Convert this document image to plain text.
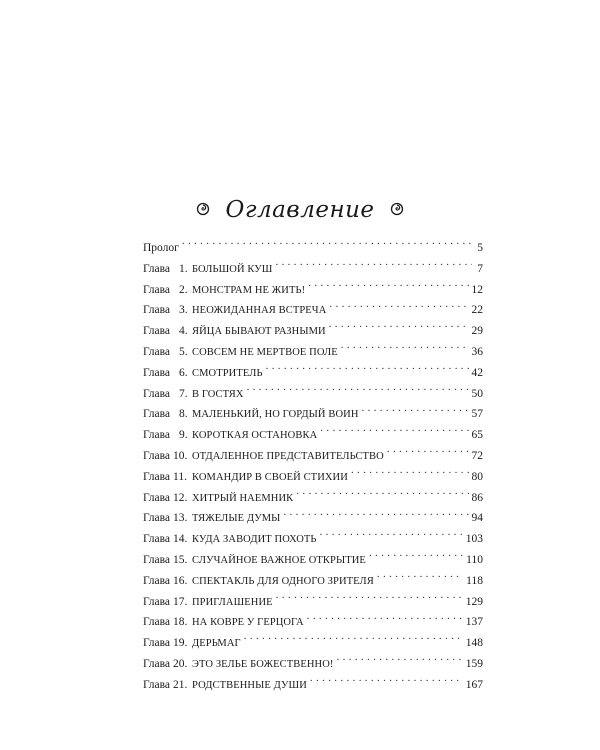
Оглавление
Пролог . . .	5
Глава 1. БОЛЬШОЙ КУШ . . .	7
Глава 2. МОНСТРАМ НЕ ЖИТЬ! . . .	12
Глава 3. НЕОЖИДАННАЯ ВСТРЕЧА . . .	22
Глава 4. ЯЙЦА БЫВАЮТ РАЗНЫМИ . . .	29
Глава 5. СОВСЕМ НЕ МЕРТВОЕ ПОЛЕ . . .	36
Глава 6. СМОТРИТЕЛЬ . . .	42
Глава 7. В ГОСТЯХ . . .	50
Глава 8. МАЛЕНЬКИЙ, НО ГОРДЫЙ ВОИН . . .	57
Глава 9. КОРОТКАЯ ОСТАНОВКА . . .	65
Глава 10. ОТДАЛЕННОЕ ПРЕДСТАВИТЕЛЬСТВО . . .	72
Глава 11. КОМАНДИР В СВОЕЙ СТИХИИ . . .	80
Глава 12. ХИТРЫЙ НАЕМНИК . . .	86
Глава 13. ТЯЖЕЛЫЕ ДУМЫ . . .	94
Глава 14. КУДА ЗАВОДИТ ПОХОТЬ . . .	103
Глава 15. СЛУЧАЙНОЕ ВАЖНОЕ ОТКРЫТИЕ . . .	110
Глава 16. СПЕКТАКЛЬ ДЛЯ ОДНОГО ЗРИТЕЛЯ . . .	118
Глава 17. ПРИГЛАШЕНИЕ . . .	129
Глава 18. НА КОВРЕ У ГЕРЦОГА . . .	137
Глава 19. ДЕРЬМАГ . . .	148
Глава 20. ЭТО ЗЕЛЬЕ БОЖЕСТВЕННО! . . .	159
Глава 21. РОДСТВЕННЫЕ ДУШИ . . .	167
